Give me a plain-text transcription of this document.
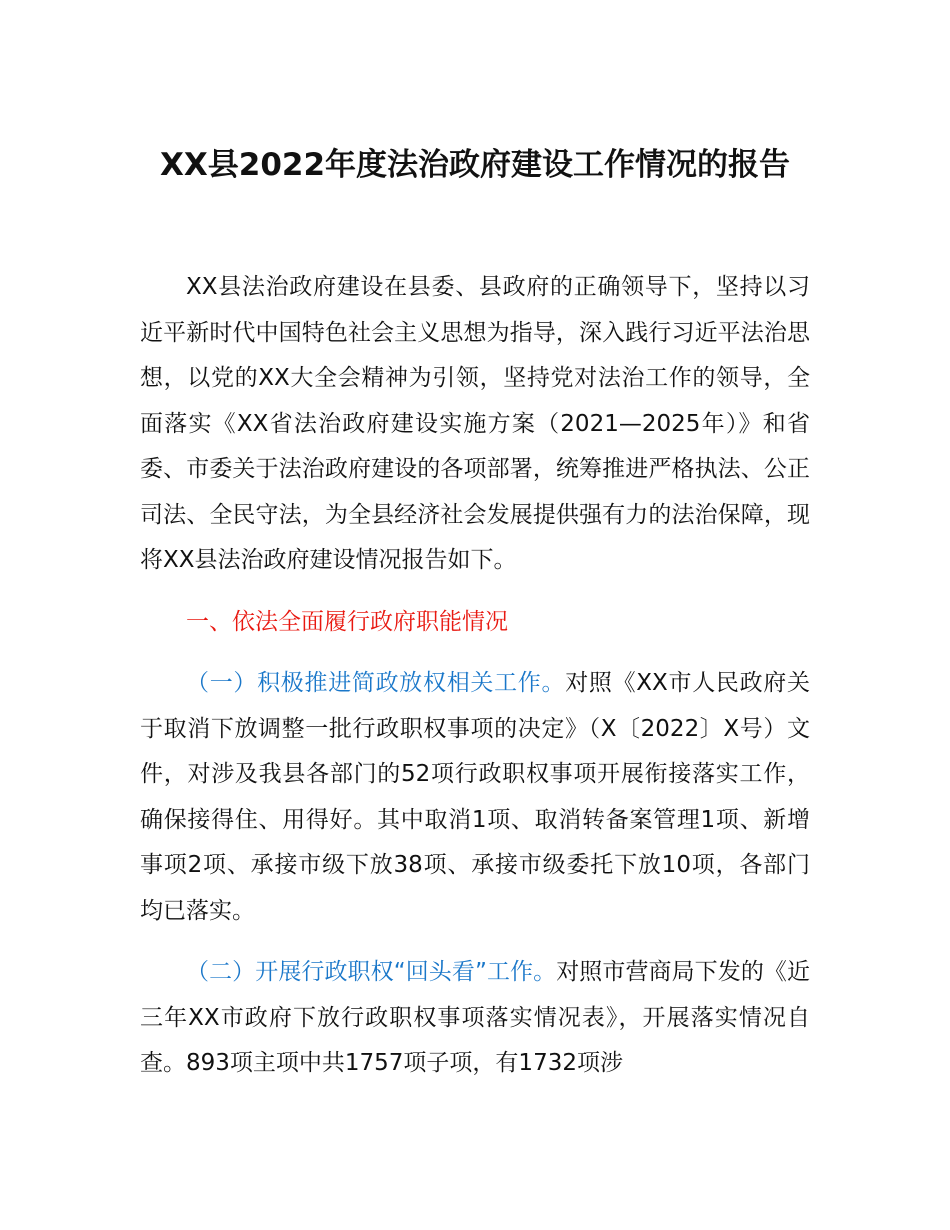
XX县2022年度法治政府建设工作情况的报告

XX县法治政府建设在县委、县政府的正确领导下，坚持以习近平新时代中国特色社会主义思想为指导，深入践行习近平法治思想，以党的XX大全会精神为引领，坚持党对法治工作的领导，全面落实《XX省法治政府建设实施方案（2021—2025年）》和省委、市委关于法治政府建设的各项部署，统筹推进严格执法、公正司法、全民守法，为全县经济社会发展提供强有力的法治保障，现将XX县法治政府建设情况报告如下。

一、依法全面履行政府职能情况

（一）积极推进简政放权相关工作。对照《XX市人民政府关于取消下放调整一批行政职权事项的决定》（X〔2022〕X号）文件，对涉及我县各部门的52项行政职权事项开展衔接落实工作，确保接得住、用得好。其中取消1项、取消转备案管理1项、新增事项2项、承接市级下放38项、承接市级委托下放10项，各部门均已落实。

（二）开展行政职权“回头看”工作。对照市营商局下发的《近三年XX市政府下放行政职权事项落实情况表》，开展落实情况自查。893项主项中共1757项子项，有1732项涉
